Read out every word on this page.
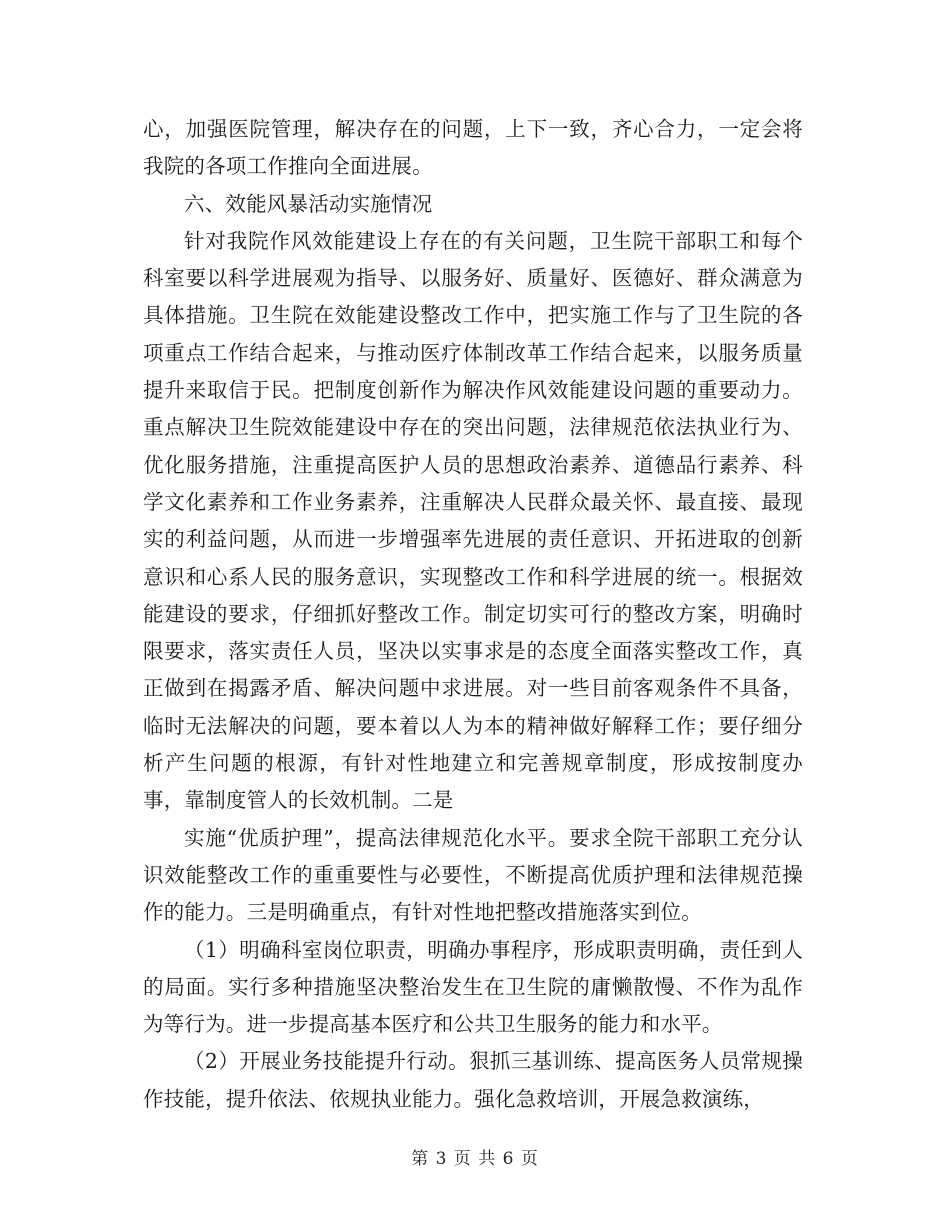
心，加强医院管理，解决存在的问题，上下一致，齐心合力，一定会将我院的各项工作推向全面进展。

六、效能风暴活动实施情况

针对我院作风效能建设上存在的有关问题，卫生院干部职工和每个科室要以科学进展观为指导、以服务好、质量好、医德好、群众满意为具体措施。卫生院在效能建设整改工作中，把实施工作与了卫生院的各项重点工作结合起来，与推动医疗体制改革工作结合起来，以服务质量提升来取信于民。把制度创新作为解决作风效能建设问题的重要动力。重点解决卫生院效能建设中存在的突出问题，法律规范依法执业行为、优化服务措施，注重提高医护人员的思想政治素养、道德品行素养、科学文化素养和工作业务素养，注重解决人民群众最关怀、最直接、最现实的利益问题，从而进一步增强率先进展的责任意识、开拓进取的创新意识和心系人民的服务意识，实现整改工作和科学进展的统一。根据效能建设的要求，仔细抓好整改工作。制定切实可行的整改方案，明确时限要求，落实责任人员，坚决以实事求是的态度全面落实整改工作，真正做到在揭露矛盾、解决问题中求进展。对一些目前客观条件不具备，临时无法解决的问题，要本着以人为本的精神做好解释工作；要仔细分析产生问题的根源，有针对性地建立和完善规章制度，形成按制度办事，靠制度管人的长效机制。二是

实施“优质护理”，提高法律规范化水平。要求全院干部职工充分认识效能整改工作的重重要性与必要性，不断提高优质护理和法律规范操作的能力。三是明确重点，有针对性地把整改措施落实到位。

（1）明确科室岗位职责，明确办事程序，形成职责明确，责任到人的局面。实行多种措施坚决整治发生在卫生院的庸懒散慢、不作为乱作为等行为。进一步提高基本医疗和公共卫生服务的能力和水平。

（2）开展业务技能提升行动。狠抓三基训练、提高医务人员常规操作技能，提升依法、依规执业能力。强化急救培训，开展急救演练，

第 3 页 共 6 页
